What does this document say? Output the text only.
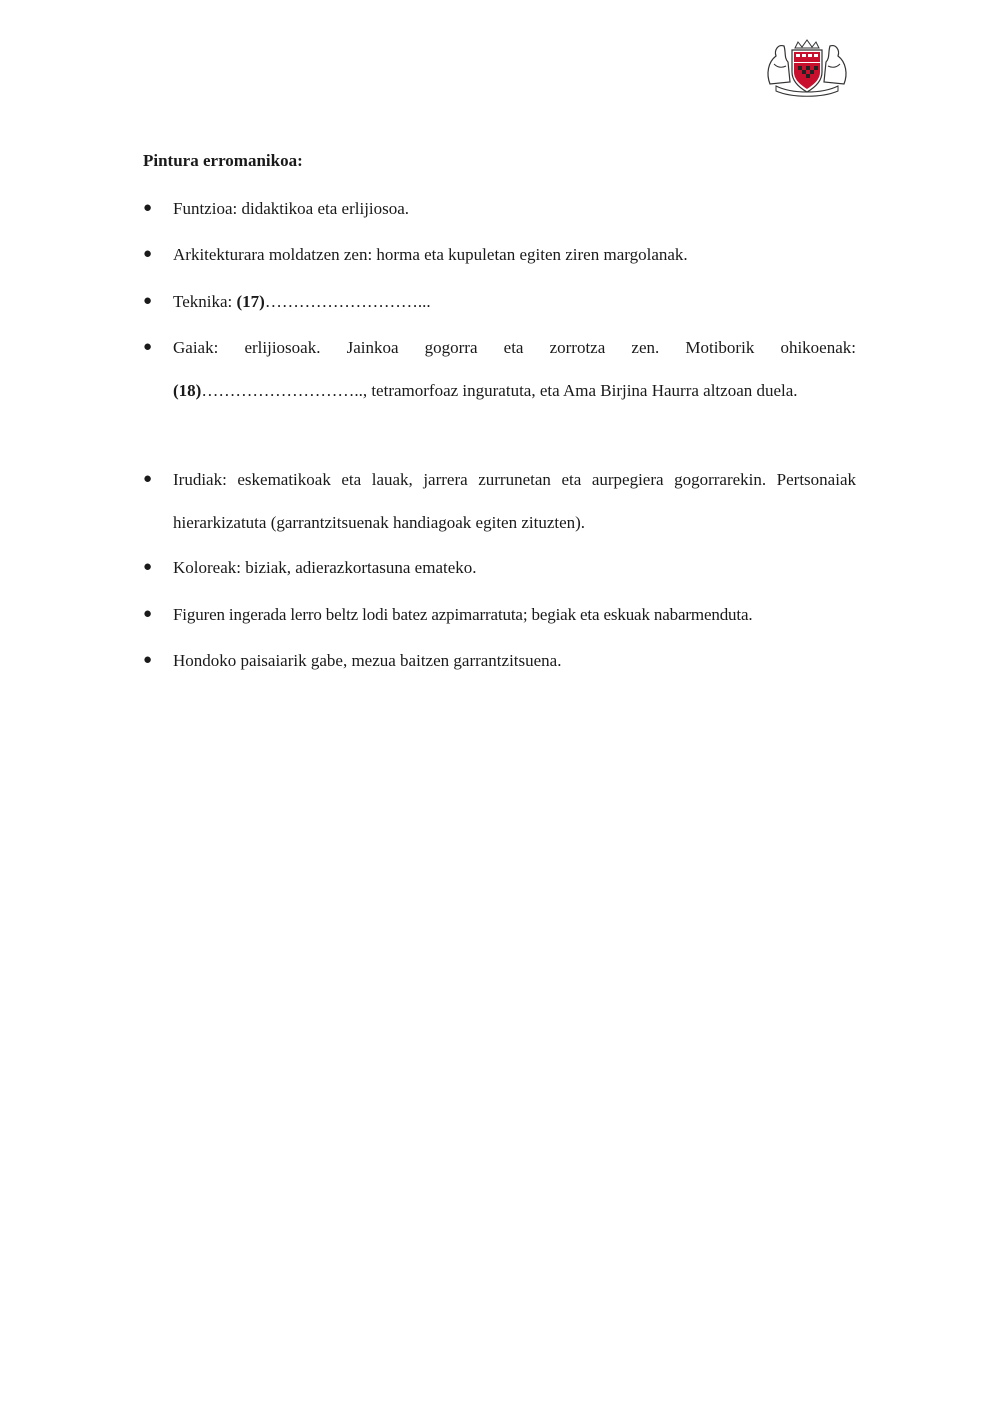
Pintura erromanikoa:
● Funtzioa: didaktikoa eta erlijiosoa.
● Arkitekturara moldatzen zen: horma eta kupuletan egiten ziren margolanak.
● Teknika: (17)………………………...
● Gaiak: erlijiosoak. Jainkoa gogorra eta zorrotza zen. Motiborik ohikoenak: (18)……………………….., tetramorfoaz inguratuta, eta Ama Birjina Haurra altzoan duela.
● Irudiak: eskematikoak eta lauak, jarrera zurrunetan eta aurpegiera gogorrarekin. Pertsonaiak hierarkizatuta (garrantzitsuenak handiagoak egiten zituzten).
● Koloreak: biziak, adierazkortasuna emateko.
● Figuren ingerada lerro beltz lodi batez azpimarratuta; begiak eta eskuak nabarmenduta.
● Hondoko paisaiarik gabe, mezua baitzen garrantzitsuena.
